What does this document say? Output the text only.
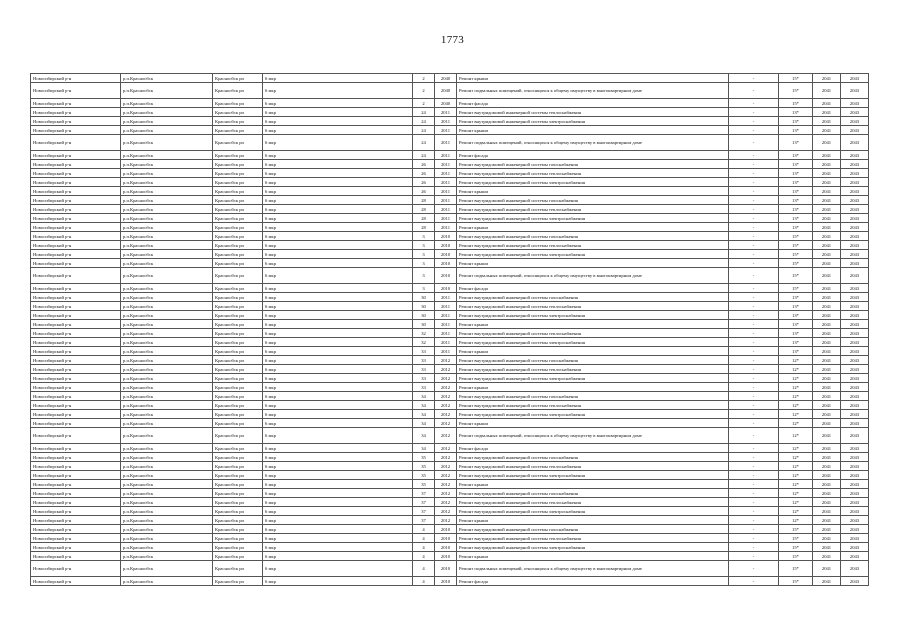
1773
Новосибирский р-н	р.п.Краснообск	Краснообск рп	6 мкр	2	2040	Ремонт крыши	-	15*	2041	2043
Новосибирский р-н	р.п.Краснообск	Краснообск рп	6 мкр	2	2040	Ремонт подвальных помещений, относящихся к общему имуществу в многоквартирном доме	-	15*	2041	2043
Новосибирский р-н	р.п.Краснообск	Краснообск рп	6 мкр	2	2040	Ремонт фасада	-	15*	2041	2043
Новосибирский р-н	р.п.Краснообск	Краснообск рп	6 мкр	24	2011	Ремонт внутридомовой инженерной системы теплоснабжения	-	13*	2041	2043
Новосибирский р-н	р.п.Краснообск	Краснообск рп	6 мкр	24	2011	Ремонт внутридомовой инженерной системы электроснабжения	-	13*	2041	2043
Новосибирский р-н	р.п.Краснообск	Краснообск рп	6 мкр	24	2011	Ремонт крыши	-	13*	2041	2043
Новосибирский р-н	р.п.Краснообск	Краснообск рп	6 мкр	24	2011	Ремонт подвальных помещений, относящихся к общему имуществу в многоквартирном доме	-	13*	2041	2043
Новосибирский р-н	р.п.Краснообск	Краснообск рп	6 мкр	24	2011	Ремонт фасада	-	13*	2041	2043
Новосибирский р-н	р.п.Краснообск	Краснообск рп	6 мкр	26	2011	Ремонт внутридомовой инженерной системы газоснабжения	-	13*	2041	2043
Новосибирский р-н	р.п.Краснообск	Краснообск рп	6 мкр	26	2011	Ремонт внутридомовой инженерной системы теплоснабжения	-	13*	2041	2043
Новосибирский р-н	р.п.Краснообск	Краснообск рп	6 мкр	26	2011	Ремонт внутридомовой инженерной системы электроснабжения	-	13*	2041	2043
Новосибирский р-н	р.п.Краснообск	Краснообск рп	6 мкр	26	2011	Ремонт крыши	-	13*	2041	2043
Новосибирский р-н	р.п.Краснообск	Краснообск рп	6 мкр	28	2011	Ремонт внутридомовой инженерной системы газоснабжения	-	13*	2041	2043
Новосибирский р-н	р.п.Краснообск	Краснообск рп	6 мкр	28	2011	Ремонт внутридомовой инженерной системы теплоснабжения	-	13*	2041	2043
Новосибирский р-н	р.п.Краснообск	Краснообск рп	6 мкр	28	2011	Ремонт внутридомовой инженерной системы электроснабжения	-	13*	2041	2043
Новосибирский р-н	р.п.Краснообск	Краснообск рп	6 мкр	28	2011	Ремонт крыши	-	13*	2041	2043
Новосибирский р-н	р.п.Краснообск	Краснообск рп	6 мкр	3	2010	Ремонт внутридомовой инженерной системы газоснабжения	-	15*	2041	2043
Новосибирский р-н	р.п.Краснообск	Краснообск рп	6 мкр	3	2010	Ремонт внутридомовой инженерной системы теплоснабжения	-	15*	2041	2043
Новосибирский р-н	р.п.Краснообск	Краснообск рп	6 мкр	3	2010	Ремонт внутридомовой инженерной системы электроснабжения	-	15*	2041	2043
Новосибирский р-н	р.п.Краснообск	Краснообск рп	6 мкр	3	2010	Ремонт крыши	-	15*	2041	2043
Новосибирский р-н	р.п.Краснообск	Краснообск рп	6 мкр	3	2010	Ремонт подвальных помещений, относящихся к общему имуществу в многоквартирном доме	-	15*	2041	2043
Новосибирский р-н	р.п.Краснообск	Краснообск рп	6 мкр	3	2010	Ремонт фасада	-	15*	2041	2043
Новосибирский р-н	р.п.Краснообск	Краснообск рп	6 мкр	30	2011	Ремонт внутридомовой инженерной системы газоснабжения	-	13*	2041	2043
Новосибирский р-н	р.п.Краснообск	Краснообск рп	6 мкр	30	2011	Ремонт внутридомовой инженерной системы теплоснабжения	-	13*	2041	2043
Новосибирский р-н	р.п.Краснообск	Краснообск рп	6 мкр	30	2011	Ремонт внутридомовой инженерной системы электроснабжения	-	13*	2041	2043
Новосибирский р-н	р.п.Краснообск	Краснообск рп	6 мкр	30	2011	Ремонт крыши	-	13*	2041	2043
Новосибирский р-н	р.п.Краснообск	Краснообск рп	6 мкр	32	2011	Ремонт внутридомовой инженерной системы теплоснабжения	-	13*	2041	2043
Новосибирский р-н	р.п.Краснообск	Краснообск рп	6 мкр	32	2011	Ремонт внутридомовой инженерной системы электроснабжения	-	13*	2041	2043
Новосибирский р-н	р.п.Краснообск	Краснообск рп	6 мкр	33	2011	Ремонт крыши	-	13*	2041	2043
Новосибирский р-н	р.п.Краснообск	Краснообск рп	6 мкр	33	2012	Ремонт внутридомовой инженерной системы газоснабжения	-	12*	2041	2043
Новосибирский р-н	р.п.Краснообск	Краснообск рп	6 мкр	33	2012	Ремонт внутридомовой инженерной системы теплоснабжения	-	12*	2041	2043
Новосибирский р-н	р.п.Краснообск	Краснообск рп	6 мкр	33	2012	Ремонт внутридомовой инженерной системы электроснабжения	-	12*	2041	2043
Новосибирский р-н	р.п.Краснообск	Краснообск рп	6 мкр	33	2012	Ремонт крыши	-	12*	2041	2043
Новосибирский р-н	р.п.Краснообск	Краснообск рп	6 мкр	34	2012	Ремонт внутридомовой инженерной системы газоснабжения	-	12*	2041	2043
Новосибирский р-н	р.п.Краснообск	Краснообск рп	6 мкр	34	2012	Ремонт внутридомовой инженерной системы теплоснабжения	-	12*	2041	2043
Новосибирский р-н	р.п.Краснообск	Краснообск рп	6 мкр	34	2012	Ремонт внутридомовой инженерной системы электроснабжения	-	12*	2041	2043
Новосибирский р-н	р.п.Краснообск	Краснообск рп	6 мкр	34	2012	Ремонт крыши	-	12*	2041	2043
Новосибирский р-н	р.п.Краснообск	Краснообск рп	6 мкр	34	2012	Ремонт подвальных помещений, относящихся к общему имуществу в многоквартирном доме	-	12*	2041	2043
Новосибирский р-н	р.п.Краснообск	Краснообск рп	6 мкр	34	2012	Ремонт фасада	-	12*	2041	2043
Новосибирский р-н	р.п.Краснообск	Краснообск рп	6 мкр	35	2012	Ремонт внутридомовой инженерной системы газоснабжения	-	12*	2041	2043
Новосибирский р-н	р.п.Краснообск	Краснообск рп	6 мкр	35	2012	Ремонт внутридомовой инженерной системы теплоснабжения	-	12*	2041	2043
Новосибирский р-н	р.п.Краснообск	Краснообск рп	6 мкр	35	2012	Ремонт внутридомовой инженерной системы электроснабжения	-	12*	2041	2043
Новосибирский р-н	р.п.Краснообск	Краснообск рп	6 мкр	35	2012	Ремонт крыши	-	12*	2041	2043
Новосибирский р-н	р.п.Краснообск	Краснообск рп	6 мкр	37	2012	Ремонт внутридомовой инженерной системы газоснабжения	-	12*	2041	2043
Новосибирский р-н	р.п.Краснообск	Краснообск рп	6 мкр	37	2012	Ремонт внутридомовой инженерной системы теплоснабжения	-	12*	2041	2043
Новосибирский р-н	р.п.Краснообск	Краснообск рп	6 мкр	37	2012	Ремонт внутридомовой инженерной системы электроснабжения	-	12*	2041	2043
Новосибирский р-н	р.п.Краснообск	Краснообск рп	6 мкр	37	2012	Ремонт крыши	-	12*	2041	2043
Новосибирский р-н	р.п.Краснообск	Краснообск рп	6 мкр	4	2010	Ремонт внутридомовой инженерной системы газоснабжения	-	15*	2041	2043
Новосибирский р-н	р.п.Краснообск	Краснообск рп	6 мкр	4	2010	Ремонт внутридомовой инженерной системы теплоснабжения	-	15*	2041	2043
Новосибирский р-н	р.п.Краснообск	Краснообск рп	6 мкр	4	2010	Ремонт внутридомовой инженерной системы электроснабжения	-	15*	2041	2043
Новосибирский р-н	р.п.Краснообск	Краснообск рп	6 мкр	4	2010	Ремонт крыши	-	15*	2041	2043
Новосибирский р-н	р.п.Краснообск	Краснообск рп	6 мкр	4	2010	Ремонт подвальных помещений, относящихся к общему имуществу в многоквартирном доме	-	15*	2041	2043
Новосибирский р-н	р.п.Краснообск	Краснообск рп	6 мкр	4	2010	Ремонт фасада	-	15*	2041	2043
